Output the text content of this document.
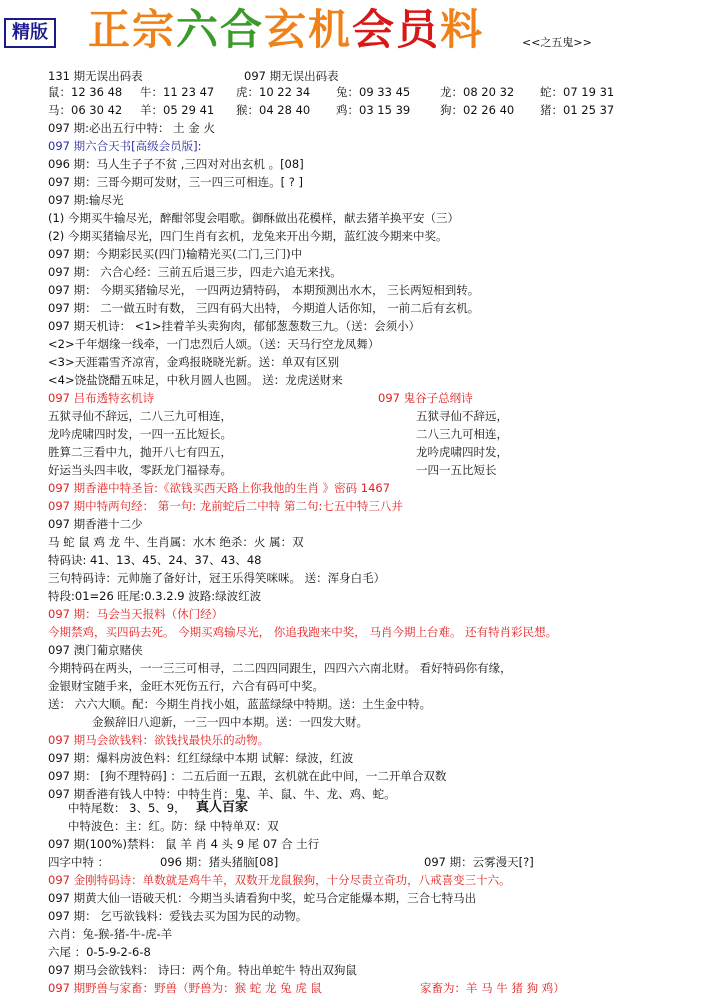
精版 正宗六合玄机会员料	<<之五鬼>>
131 期无误出码表	097 期无误出码表
鼠：12 36 48 牛：11 23 47 虎：10 22 34 兔：09 33 45	龙：08 20 32 蛇：07 19 31
马：06 30 42 羊：05 29 41 猴：04 28 40 鸡：03 15 39	狗：02 26 40 猪：01 25 37
097 期:必出五行中特： 土 金 火
097 期六合天书[高级会员版]:
096 期：马人生子子不贫 ,三四对对出玄机 。[08]
097 期：三哥今期可发财，三一四三可相连。[ ? ]
097 期:输尽光
(1) 今期买牛输尽光，醉酣邻叟会唱歌。御酥做出花模样，献去猪羊换平安（三）
(2) 今期买猪输尽光，四门生肖有玄机，龙兔来开出今期，蓝红波今期来中奖。
097 期：今期彩民买(四门)输精光买(二门,三门)中
097 期： 六合心经：三前五后退三步，四走六追无来找。
097 期： 今期买猪输尽光， 一四两边猜特码， 本期预测出水木， 三长两短相到转。
097 期： 二一做五时有数， 三四有码大出特， 今期道人话你知， 一前二后有玄机。
097 期天机诗： <1>挂着羊头卖狗肉，郁郁葱葱数三九。（送：会须小）
<2>千年烟缘一线牵，一门忠烈后人颂。（送：天马行空龙凤舞）
<3>天涯霜雪齐凉宵，金鸡报晓晓光新。送：单双有区别
<4>饶盐饶醋五味足，中秋月圆人也圆。 送：龙虎送财来
097 吕布透特玄机诗	097 鬼谷子总纲诗
五狱寻仙不辞远，二八三九可相连，	五狱寻仙不辞远，
龙吟虎啸四时发，一四一五比短长。	二八三九可相连，
胜算二三看中九，抛开八七有四五，	龙吟虎啸四时发，
好运当头四丰收，零跃龙门福禄寿。	一四一五比短长
097 期香港中特圣旨:《欲钱买西天路上你我他的生肖 》密码 1467
097 期中特两句经： 第一句: 龙前蛇后二中特 第二句:七五中特三八并
097 期香港十二少
马 蛇 鼠 鸡 龙 牛、生肖属：水木 绝杀：火 属：双
特码诀: 41、13、45、24、37、43、48
三句特码诗：元帅施了备好计，冠王乐得笑咪咪。 送：浑身白毛）
特段:01=26 旺尾:0.3.2.9 波路:绿波红波
097 期：马会当天报料（休门经）
今期禁鸡，买四码去死。 今期买鸡输尽光， 你追我跑来中奖， 马肖今期上台难。 还有特肖彩民想。
097 澳门葡京赌侠
今期特码在两头，一一三三可相寻，二二四四同跟生，四四六六南北财。 看好特码你有缘，
金银财宝随手来，金旺木死伤五行，六合有码可中奖。
送： 六六大顺。配：今期生肖找小姐，蓝蓝绿绿中特期。送：土生金中特。
金猴辞旧八迎新，一三一四中本期。送：一四发大财。
097 期马会欲钱料：欲钱找最快乐的动物。
097 期：爆料房波色料：红红绿绿中本期 试解：绿波，红波
097 期： [狗不理特码] ：二五后面一五跟，玄机就在此中间，一二开单合双数
097 期香港有钱人中特：中特生肖：鬼、羊、鼠、牛、龙、鸡、蛇。
中特尾数： 3、5、9， 真人百家
中特波色：主：红。防：绿 中特单双：双
097 期(100%)禁料： 鼠 羊 肖 4 头 9 尾 07 合 土行
四字中特 ：	096 期：猪头猪脑[08]	097 期：云雾漫天[?]
097 金刚特码诗：单数就是鸡牛羊，双数开龙鼠猴狗，十分尽责立奇功，八戒喜变三十六。
097 期黄大仙一语破天机：今期当头请看狗中奖，蛇马合定能爆本期，三合七特马出
097 期： 乞丐欲钱料：爱钱去买为国为民的动物。
六肖：兔-猴-猪-牛-虎-羊
六尾 ：0-5-9-2-6-8
097 期马会欲钱料： 诗曰：两个角。特出单蛇牛 特出双狗鼠
097 期野兽与家畜：野兽（野兽为：猴 蛇 龙 兔 虎 鼠	家畜为：羊 马 牛 猪 狗 鸡）
